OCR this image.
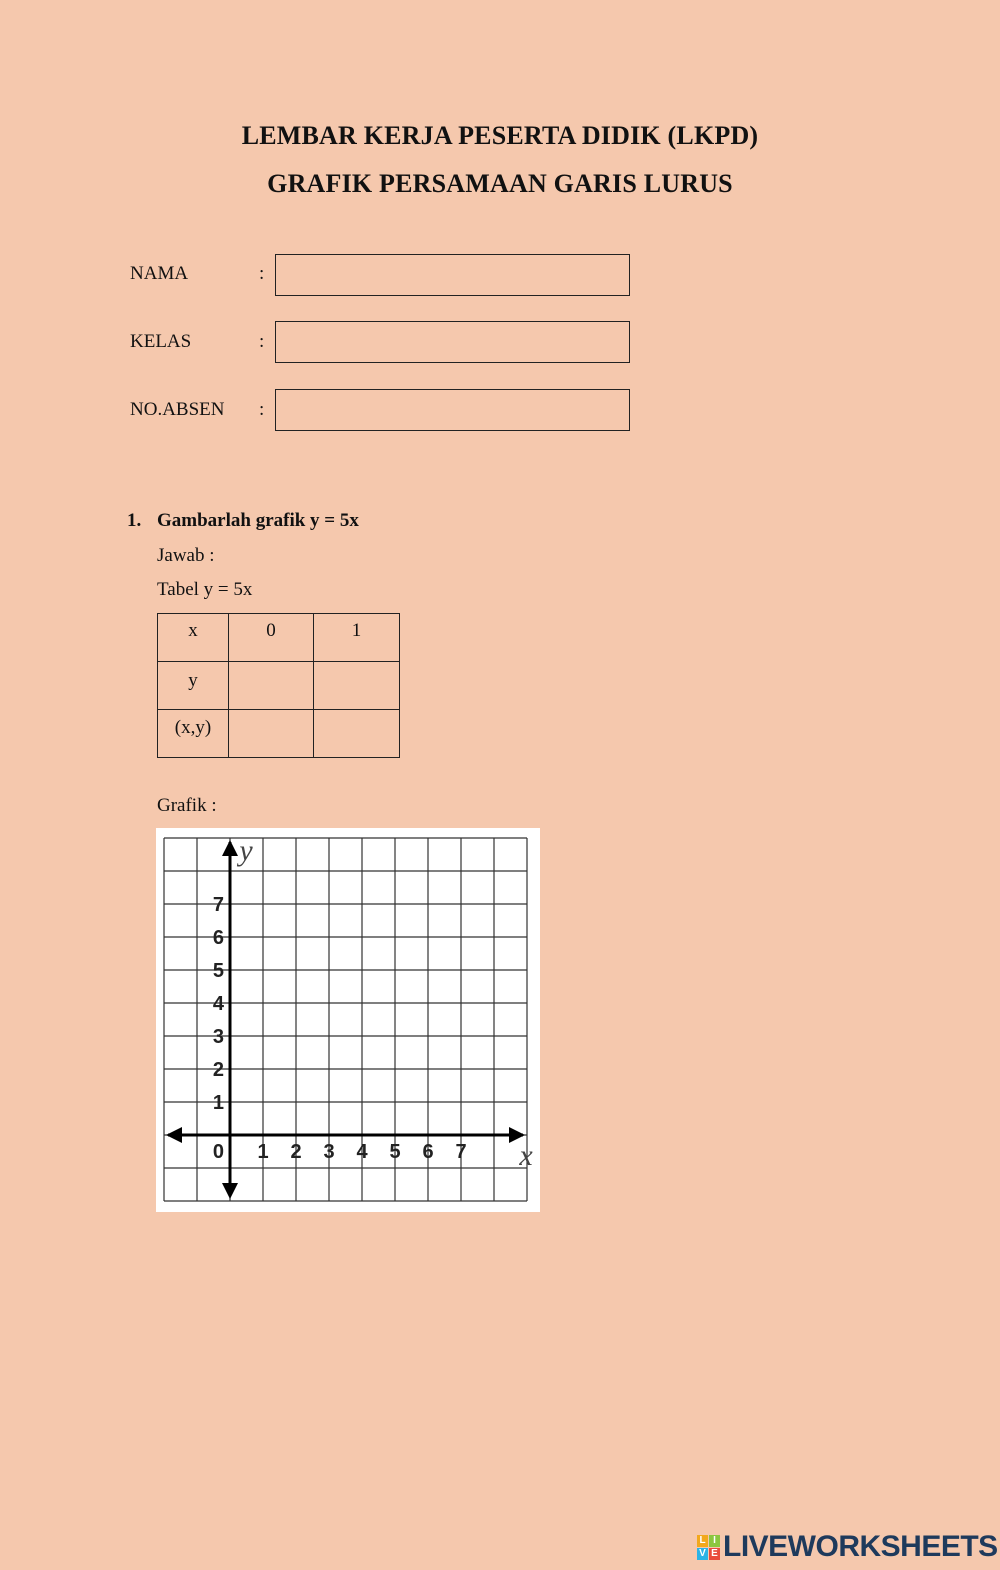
LEMBAR KERJA PESERTA DIDIK (LKPD)
GRAFIK PERSAMAAN GARIS LURUS
NAMA	:
KELAS	:
NO.ABSEN :
1. Gambarlah grafik y = 5x
Jawab :
Tabel y = 5x
x	0	1
y		
(x,y)		
Grafik :
1 2 3 4 5 6 7
1
2
3
4
5
6
7
0	x
y
L I
V E LIVEWORKSHEETS
